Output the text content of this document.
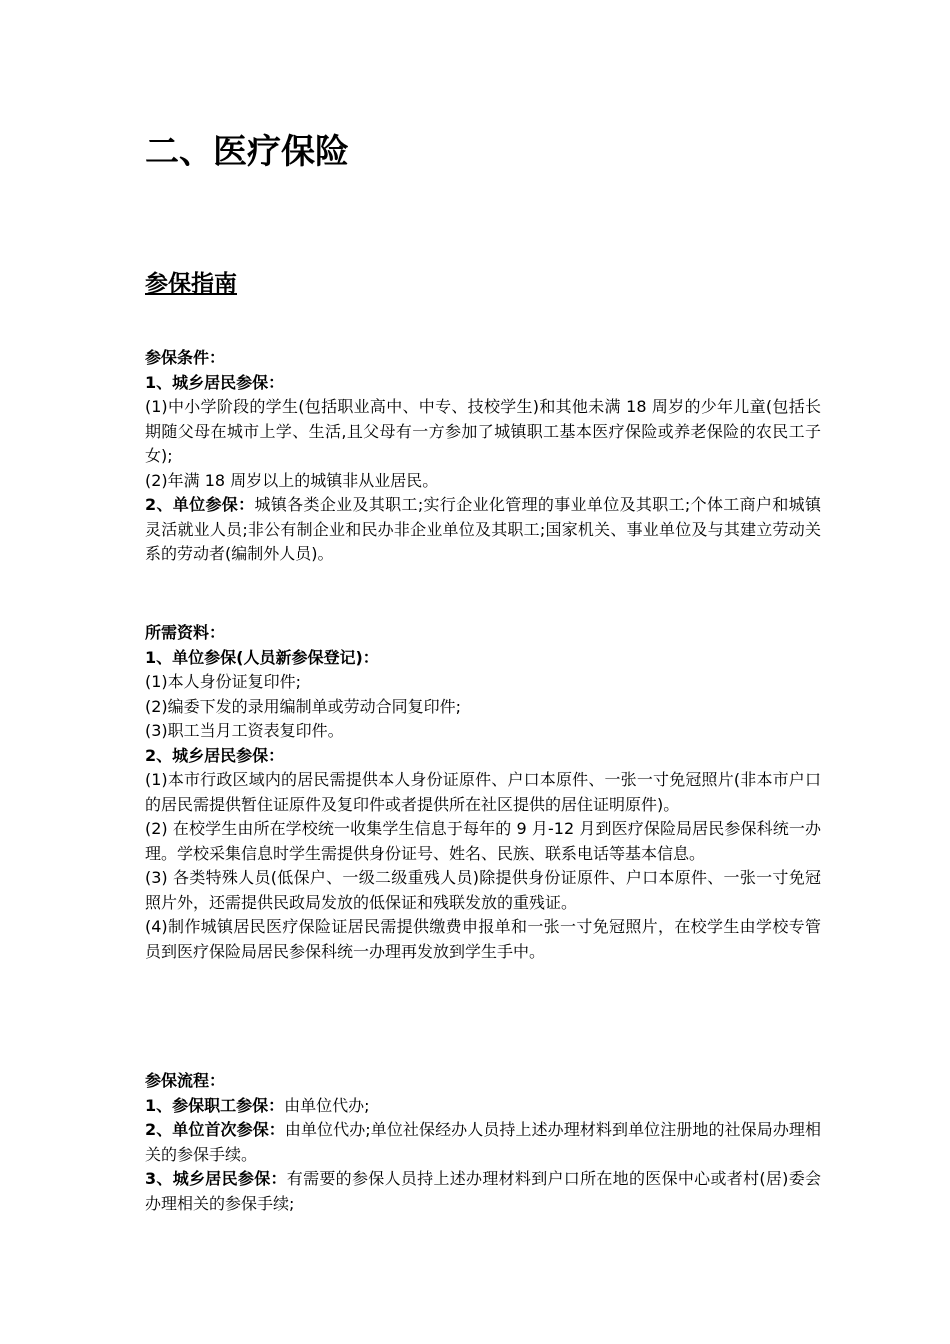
二、医疗保险
参保指南
参保条件：
1、城乡居民参保：
(1)中小学阶段的学生(包括职业高中、中专、技校学生)和其他未满 18 周岁的少年儿童(包括长期随父母在城市上学、生活,且父母有一方参加了城镇职工基本医疗保险或养老保险的农民工子女);
(2)年满 18 周岁以上的城镇非从业居民。
2、单位参保：城镇各类企业及其职工;实行企业化管理的事业单位及其职工;个体工商户和城镇灵活就业人员;非公有制企业和民办非企业单位及其职工;国家机关、事业单位及与其建立劳动关系的劳动者(编制外人员)。
所需资料：
1、单位参保(人员新参保登记)：
(1)本人身份证复印件;
(2)编委下发的录用编制单或劳动合同复印件;
(3)职工当月工资表复印件。
2、城乡居民参保：
(1)本市行政区域内的居民需提供本人身份证原件、户口本原件、一张一寸免冠照片(非本市户口的居民需提供暂住证原件及复印件或者提供所在社区提供的居住证明原件)。
(2) 在校学生由所在学校统一收集学生信息于每年的 9 月-12 月到医疗保险局居民参保科统一办理。学校采集信息时学生需提供身份证号、姓名、民族、联系电话等基本信息。
(3) 各类特殊人员(低保户、一级二级重残人员)除提供身份证原件、户口本原件、一张一寸免冠照片外，还需提供民政局发放的低保证和残联发放的重残证。
(4)制作城镇居民医疗保险证居民需提供缴费申报单和一张一寸免冠照片，在校学生由学校专管员到医疗保险局居民参保科统一办理再发放到学生手中。
参保流程：
1、参保职工参保：由单位代办;
2、单位首次参保：由单位代办;单位社保经办人员持上述办理材料到单位注册地的社保局办理相关的参保手续。
3、城乡居民参保：有需要的参保人员持上述办理材料到户口所在地的医保中心或者村(居)委会办理相关的参保手续;
